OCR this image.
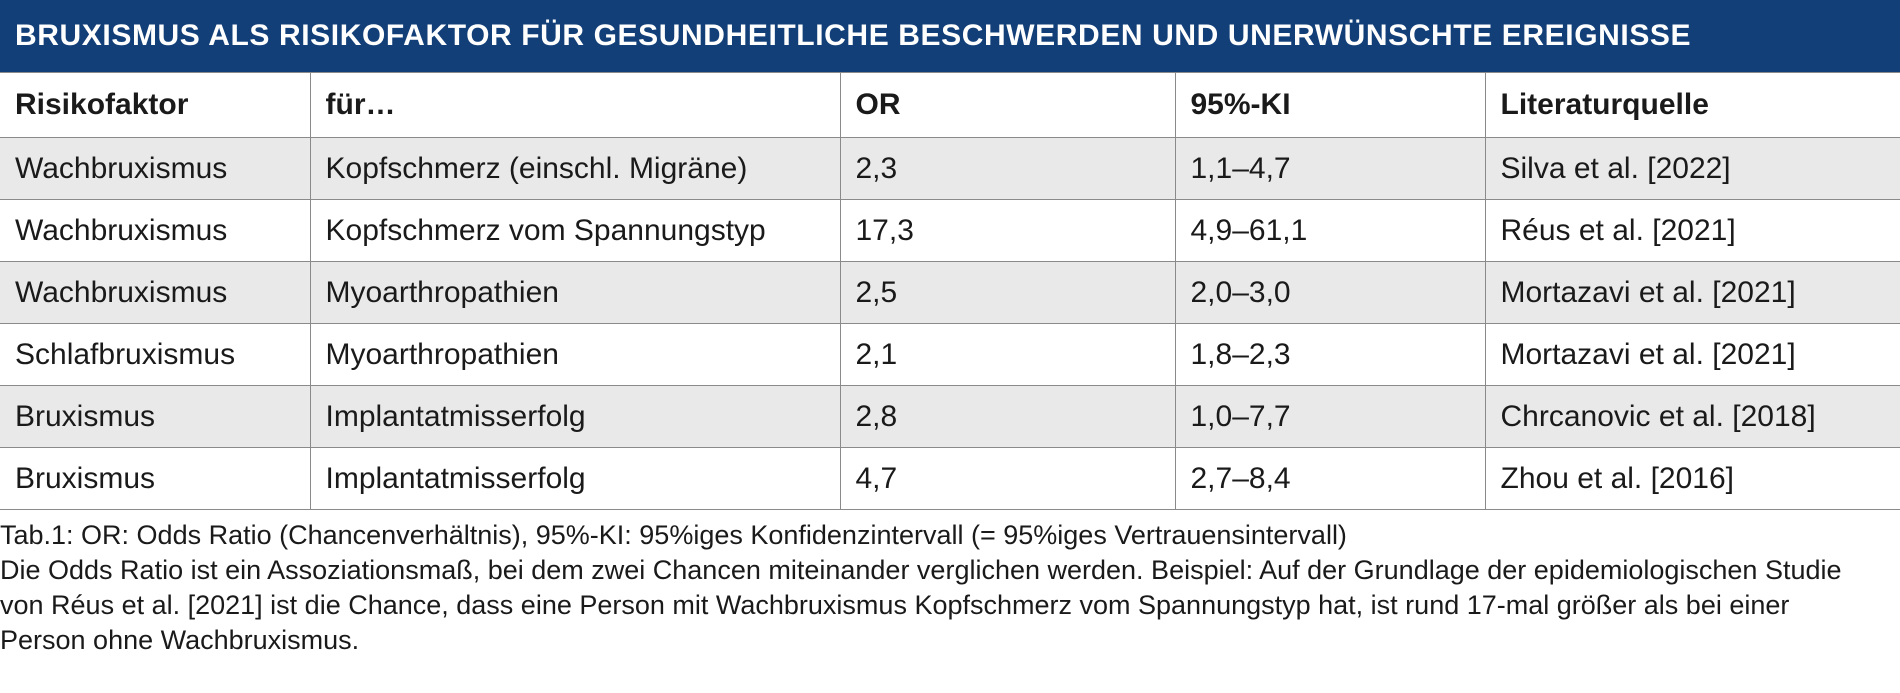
BRUXISMUS ALS RISIKOFAKTOR FÜR GESUNDHEITLICHE BESCHWERDEN UND UNERWÜNSCHTE EREIGNISSE
Risikofaktor	für…	OR	95%-KI	Literaturquelle
Wachbruxismus	Kopfschmerz (einschl. Migräne)	2,3	1,1–4,7	Silva et al. [2022]
Wachbruxismus	Kopfschmerz vom Spannungstyp	17,3	4,9–61,1	Réus et al. [2021]
Wachbruxismus	Myoarthropathien	2,5	2,0–3,0	Mortazavi et al. [2021]
Schlafbruxismus	Myoarthropathien	2,1	1,8–2,3	Mortazavi et al. [2021]
Bruxismus	Implantatmisserfolg	2,8	1,0–7,7	Chrcanovic et al. [2018]
Bruxismus	Implantatmisserfolg	4,7	2,7–8,4	Zhou et al. [2016]

Tab.1: OR: Odds Ratio (Chancenverhältnis), 95%-KI: 95%iges Konfidenzintervall (= 95%iges Vertrauensintervall)

Die Odds Ratio ist ein Assoziationsmaß, bei dem zwei Chancen miteinander verglichen werden. Beispiel: Auf der Grundlage der epidemiologischen Studie von Réus et al. [2021] ist die Chance, dass eine Person mit Wachbruxismus Kopfschmerz vom Spannungstyp hat, ist rund 17-mal größer als bei einer Person ohne Wachbruxismus.
